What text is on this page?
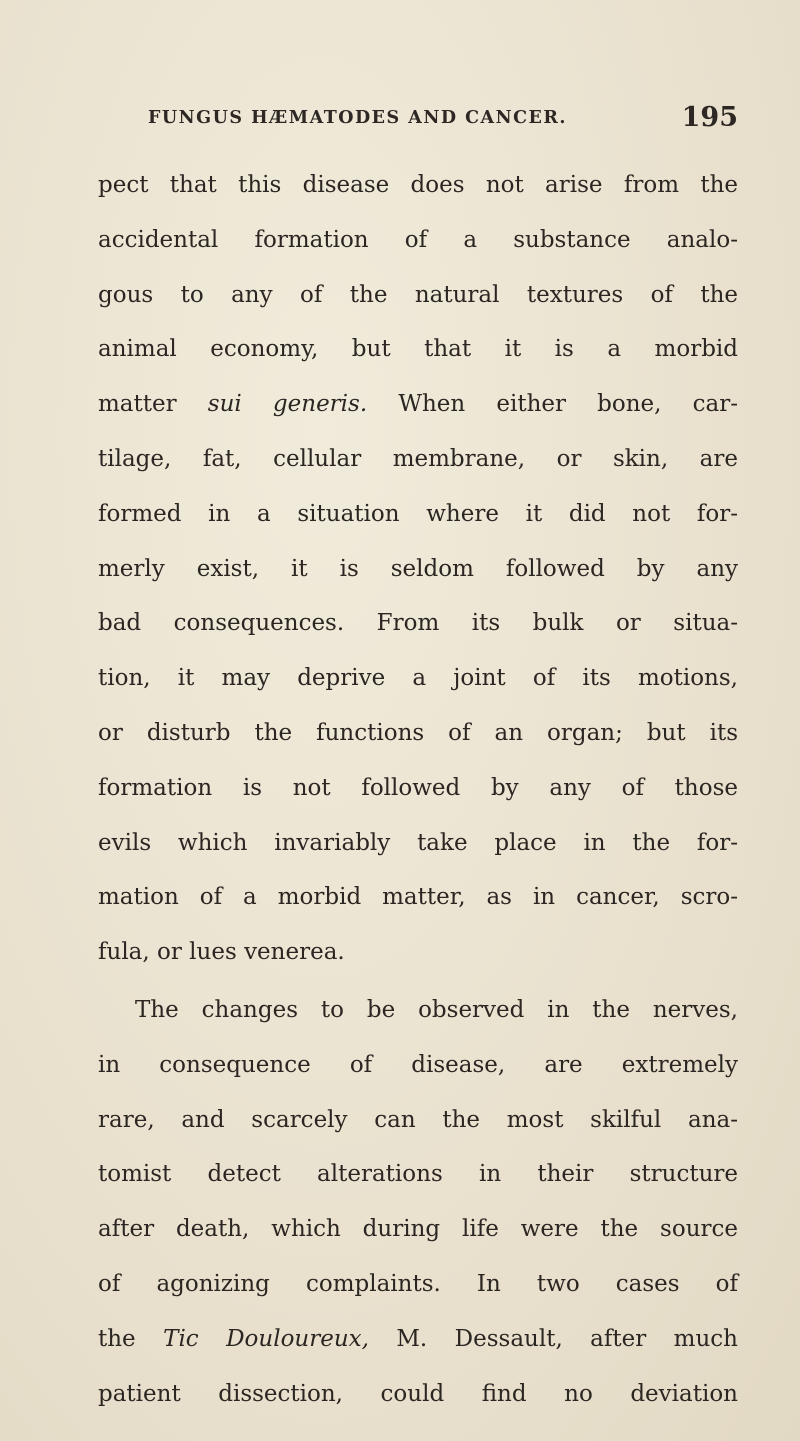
FUNGUS HÆMATODES AND CANCER.	195
pect that this disease does not arise from the
accidental formation of a substance analo-
gous to any of the natural textures of the
animal economy, but that it is a morbid
matter sui generis. When either bone, car-
tilage, fat, cellular membrane, or skin, are
formed in a situation where it did not for-
merly exist, it is seldom followed by any
bad consequences. From its bulk or situa-
tion, it may deprive a joint of its motions,
or disturb the functions of an organ; but its
formation is not followed by any of those
evils which invariably take place in the for-
mation of a morbid matter, as in cancer, scro-
fula, or lues venerea.
The changes to be observed in the nerves,
in consequence of disease, are extremely
rare, and scarcely can the most skilful ana-
tomist detect alterations in their structure
after death, which during life were the source
of agonizing complaints. In two cases of
the Tic Douloureux, M. Dessault, after much
patient dissection, could find no deviation
